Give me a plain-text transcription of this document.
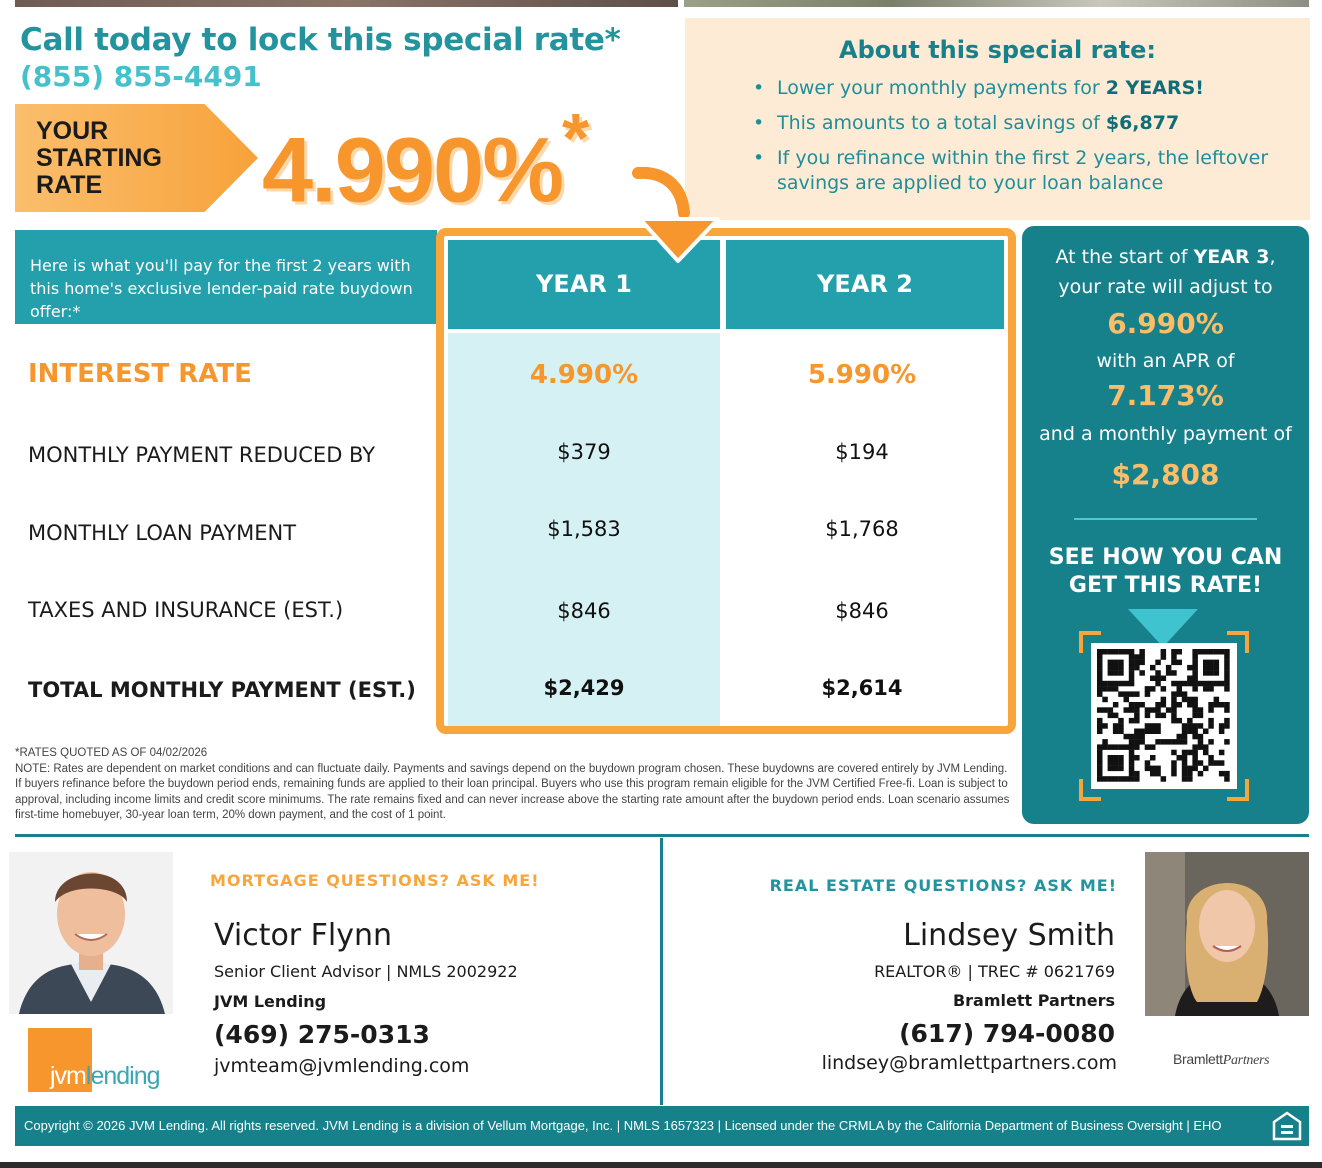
Call today to lock this special rate*
(855) 855-4491
YOUR
STARTING
RATE	4.990%*
About this special rate:
• Lower your monthly payments for 2 YEARS!
• This amounts to a total savings of $6,877
• If you refinance within the first 2 years, the leftover savings are applied to your loan balance
Here is what you'll pay for the first 2 years with this home's exclusive lender-paid rate buydown offer:*
YEAR 1	YEAR 2
INTEREST RATE	4.990%	5.990%
MONTHLY PAYMENT REDUCED BY	$379	$194
MONTHLY LOAN PAYMENT	$1,583	$1,768
TAXES AND INSURANCE (EST.)	$846	$846
TOTAL MONTHLY PAYMENT (EST.)	$2,429	$2,614
At the start of YEAR 3,
your rate will adjust to
6.990%
with an APR of
7.173%
and a monthly payment of
$2,808
SEE HOW YOU CAN
GET THIS RATE!
*RATES QUOTED AS OF 04/02/2026
NOTE: Rates are dependent on market conditions and can fluctuate daily. Payments and savings depend on the buydown program chosen. These buydowns are covered entirely by JVM Lending. If buyers refinance before the buydown period ends, remaining funds are applied to their loan principal. Buyers who use this program remain eligible for the JVM Certified Free-fi. Loan is subject to approval, including income limits and credit score minimums. The rate remains fixed and can never increase above the starting rate amount after the buydown period ends. Loan scenario assumes first-time homebuyer, 30-year loan term, 20% down payment, and the cost of 1 point.
MORTGAGE QUESTIONS? ASK ME!
Victor Flynn
Senior Client Advisor | NMLS 2002922
JVM Lending
(469) 275-0313
jvmteam@jvmlending.com
jvmlending
REAL ESTATE QUESTIONS? ASK ME!
Lindsey Smith
REALTOR® | TREC # 0621769
Bramlett Partners
(617) 794-0080
lindsey@bramlettpartners.com	BramlettPartners
Copyright © 2026 JVM Lending. All rights reserved. JVM Lending is a division of Vellum Mortgage, Inc. | NMLS 1657323 | Licensed under the CRMLA by the California Department of Business Oversight | EHO
